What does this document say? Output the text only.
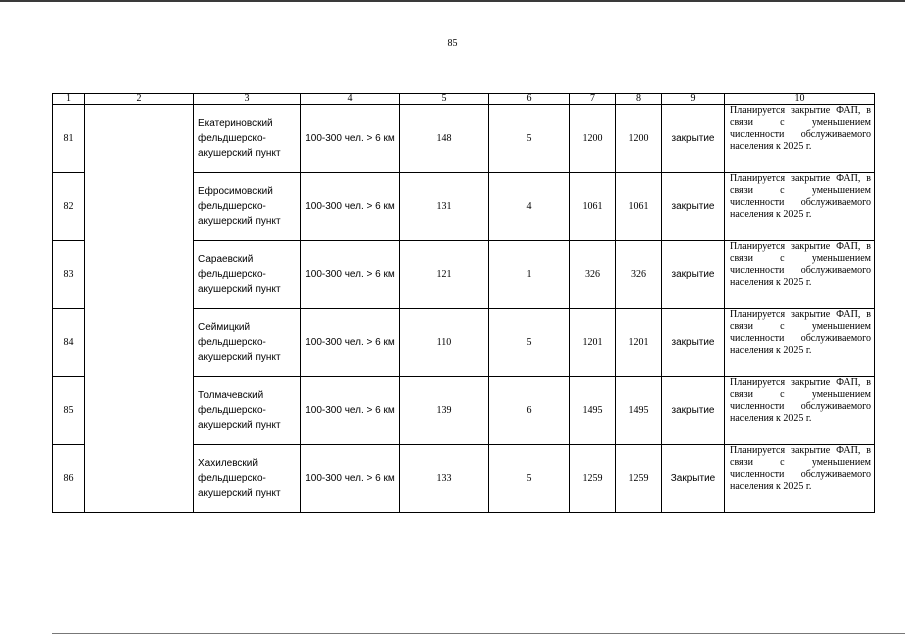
85
1	2	3	4	5	6	7	8	9	10
81		Екатериновский фельдшерско-акушерский пункт	100-300 чел. > 6 км	148	5	1200	1200	закрытие	Планируется закрытие ФАП, в связи с уменьшением численности обслуживаемого населения к 2025 г.
82		Ефросимовский фельдшерско-акушерский пункт	100-300 чел. > 6 км	131	4	1061	1061	закрытие	Планируется закрытие ФАП, в связи с уменьшением численности обслуживаемого населения к 2025 г.
83		Сараевский фельдшерско-акушерский пункт	100-300 чел. > 6 км	121	1	326	326	закрытие	Планируется закрытие ФАП, в связи с уменьшением численности обслуживаемого населения к 2025 г.
84		Сеймицкий фельдшерско-акушерский пункт	100-300 чел. > 6 км	110	5	1201	1201	закрытие	Планируется закрытие ФАП, в связи с уменьшением численности обслуживаемого населения к 2025 г.
85		Толмачевский фельдшерско-акушерский пункт	100-300 чел. > 6 км	139	6	1495	1495	закрытие	Планируется закрытие ФАП, в связи с уменьшением численности обслуживаемого населения к 2025 г.
86		Хахилевский фельдшерско-акушерский пункт	100-300 чел. > 6 км	133	5	1259	1259	Закрытие	Планируется закрытие ФАП, в связи с уменьшением численности обслуживаемого населения к 2025 г.
